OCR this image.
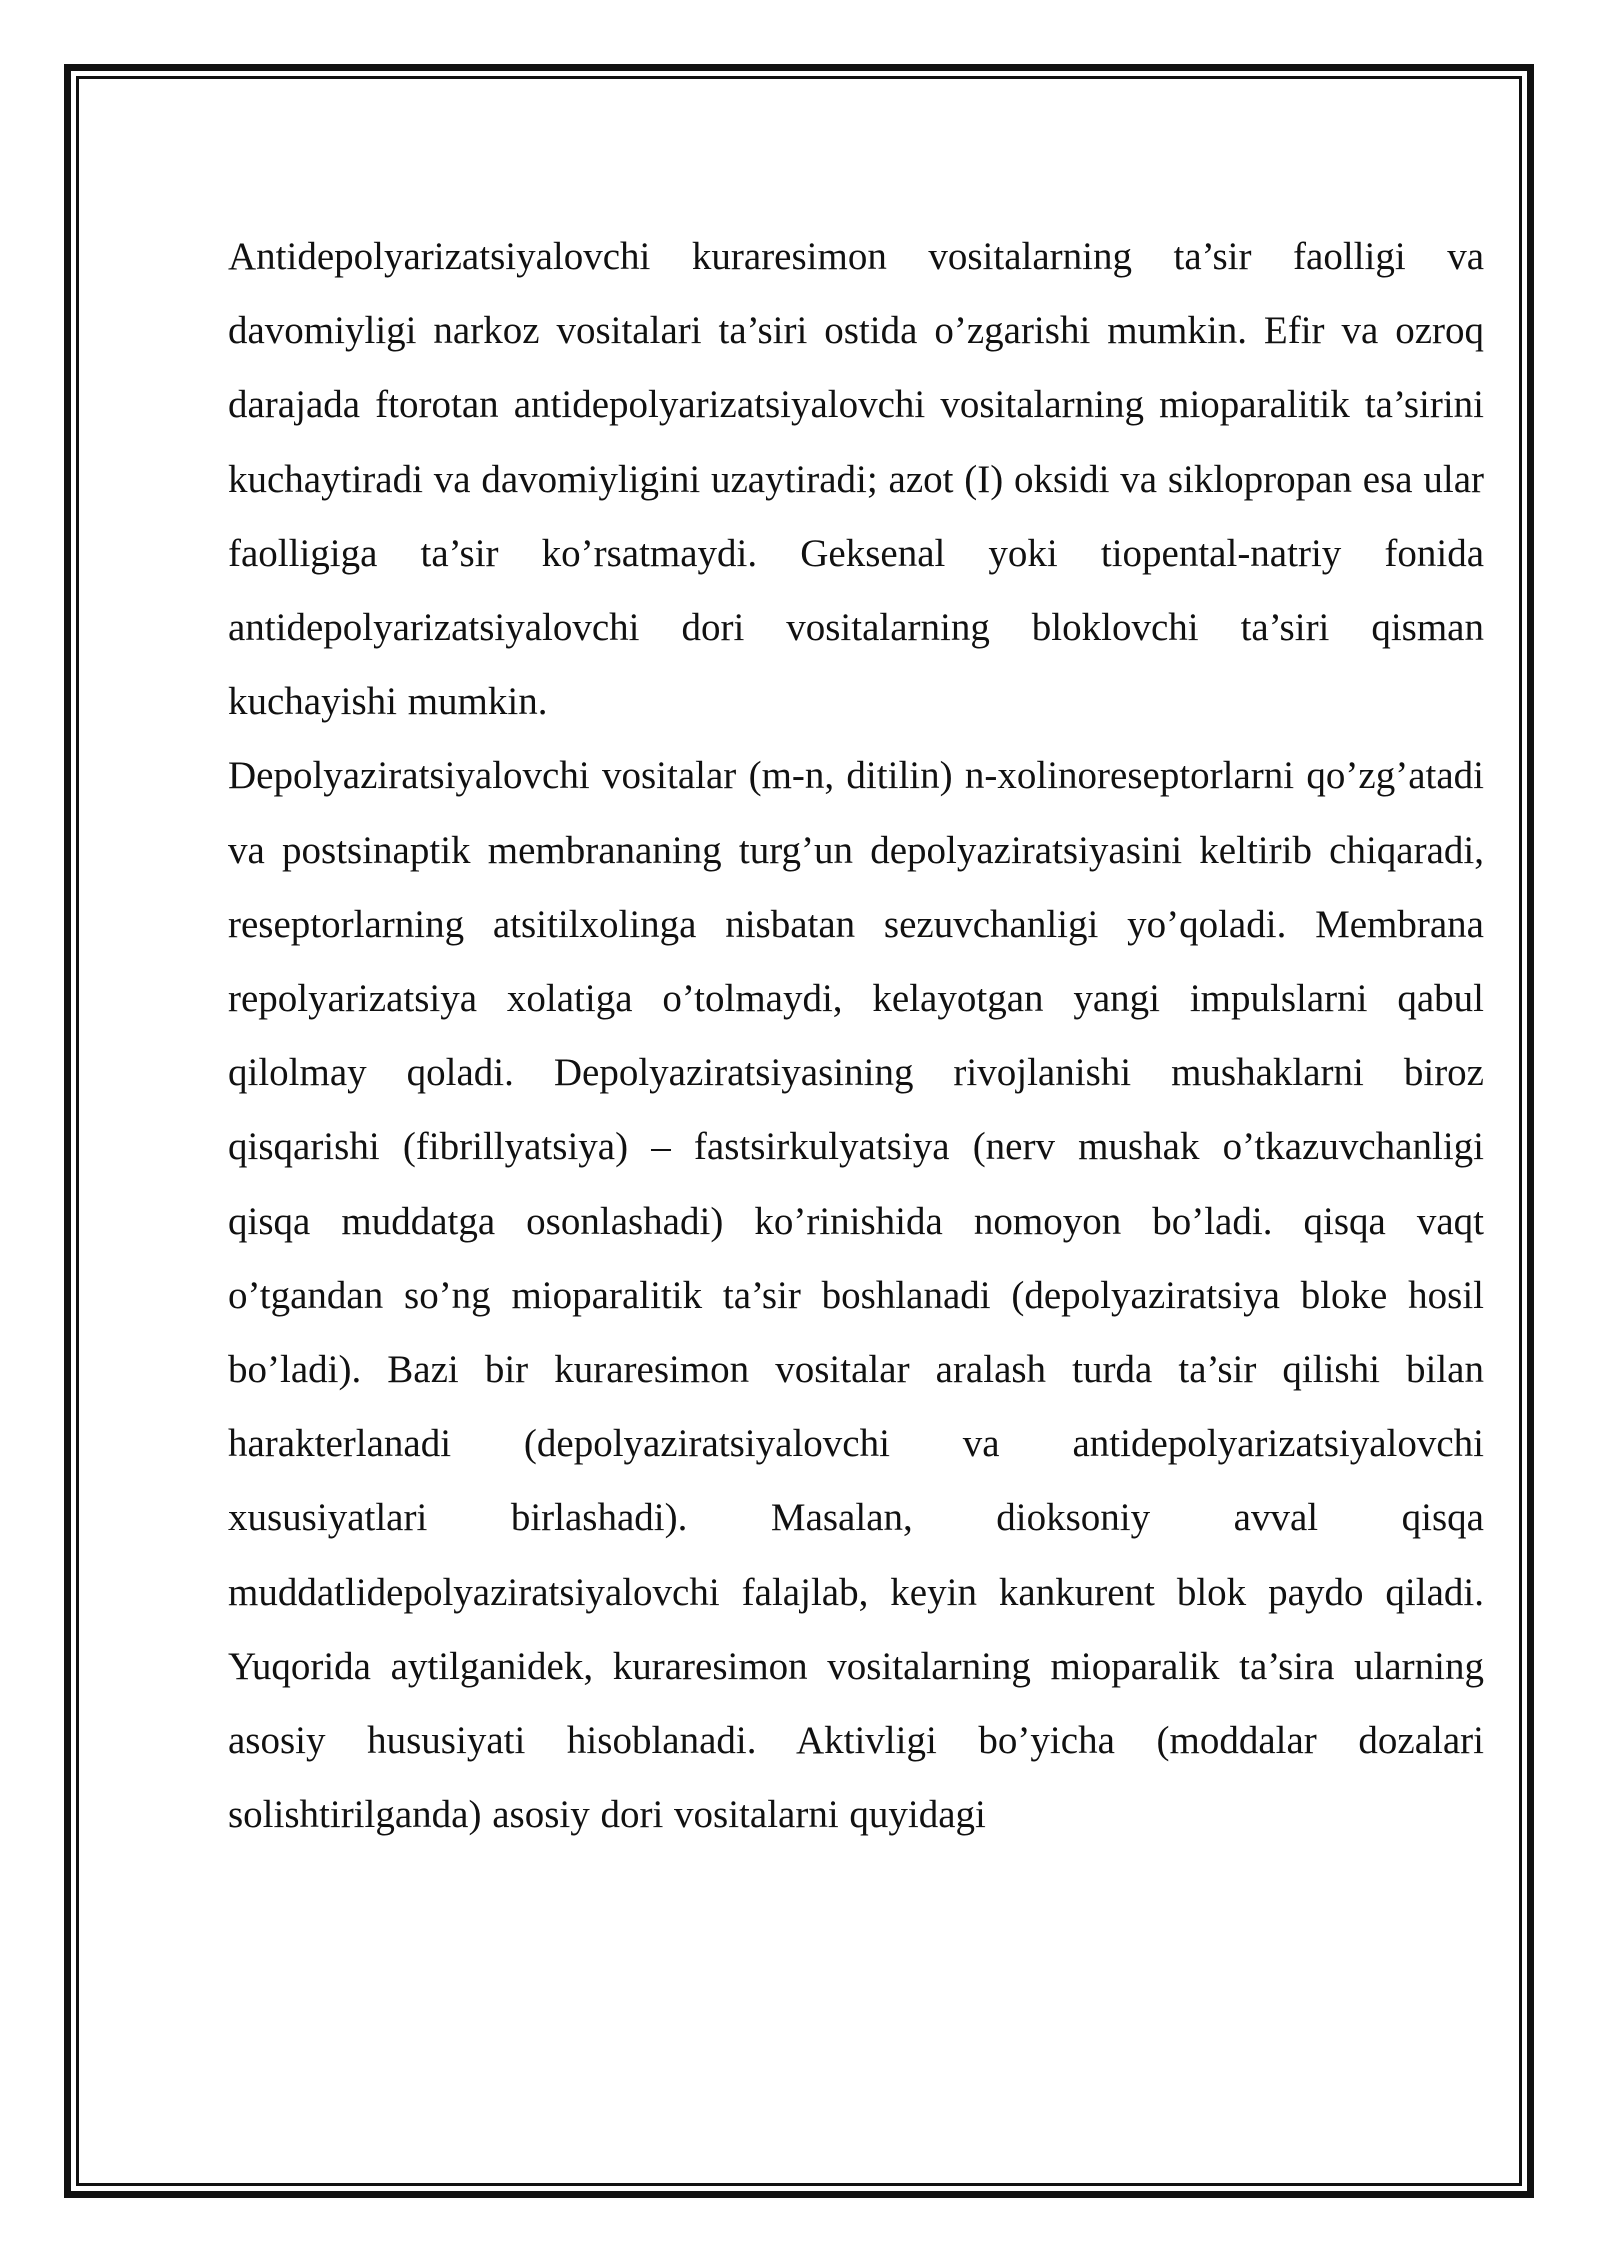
Antidepolyarizatsiyalovchi kuraresimon vositalarning ta’sir faolligi va davomiyligi narkoz vositalari ta’siri ostida o’zgarishi mumkin. Efir va ozroq darajada ftorotan antidepolyarizatsiyalovchi vositalarning mioparalitik ta’sirini kuchaytiradi va davomiyligini uzaytiradi; azot (I) oksidi va siklopropan esa ular faolligiga ta’sir ko’rsatmaydi. Geksenal yoki tiopental-natriy fonida antidepolyarizatsiyalovchi dori vositalarning bloklovchi ta’siri qisman kuchayishi mumkin.

Depolyaziratsiyalovchi vositalar (m-n, ditilin) n-xolinoreseptorlarni qo’zg’atadi va postsinaptik membrananing turg’un depolyaziratsiyasini keltirib chiqaradi, reseptorlarning atsitilxolinga nisbatan sezuvchanligi yo’qoladi. Membrana repolyarizatsiya xolatiga o’tolmaydi, kelayotgan yangi impulslarni qabul qilolmay qoladi. Depolyaziratsiyasining rivojlanishi mushaklarni biroz qisqarishi (fibrillyatsiya) – fastsirkulyatsiya (nerv mushak o’tkazuvchanligi qisqa muddatga osonlashadi) ko’rinishida nomoyon bo’ladi. qisqa vaqt o’tgandan so’ng mioparalitik ta’sir boshlanadi (depolyaziratsiya bloke hosil bo’ladi). Bazi bir kuraresimon vositalar aralash turda ta’sir qilishi bilan harakterlanadi (depolyaziratsiyalovchi va antidepolyarizatsiyalovchi xususiyatlari birlashadi). Masalan, dioksoniy avval qisqa muddatlidepolyaziratsiyalovchi falajlab, keyin kankurent blok paydo qiladi. Yuqorida aytilganidek, kuraresimon vositalarning mioparalik ta’sira ularning asosiy hususiyati hisoblanadi. Aktivligi bo’yicha (moddalar dozalari solishtirilganda) asosiy dori vositalarni quyidagi
